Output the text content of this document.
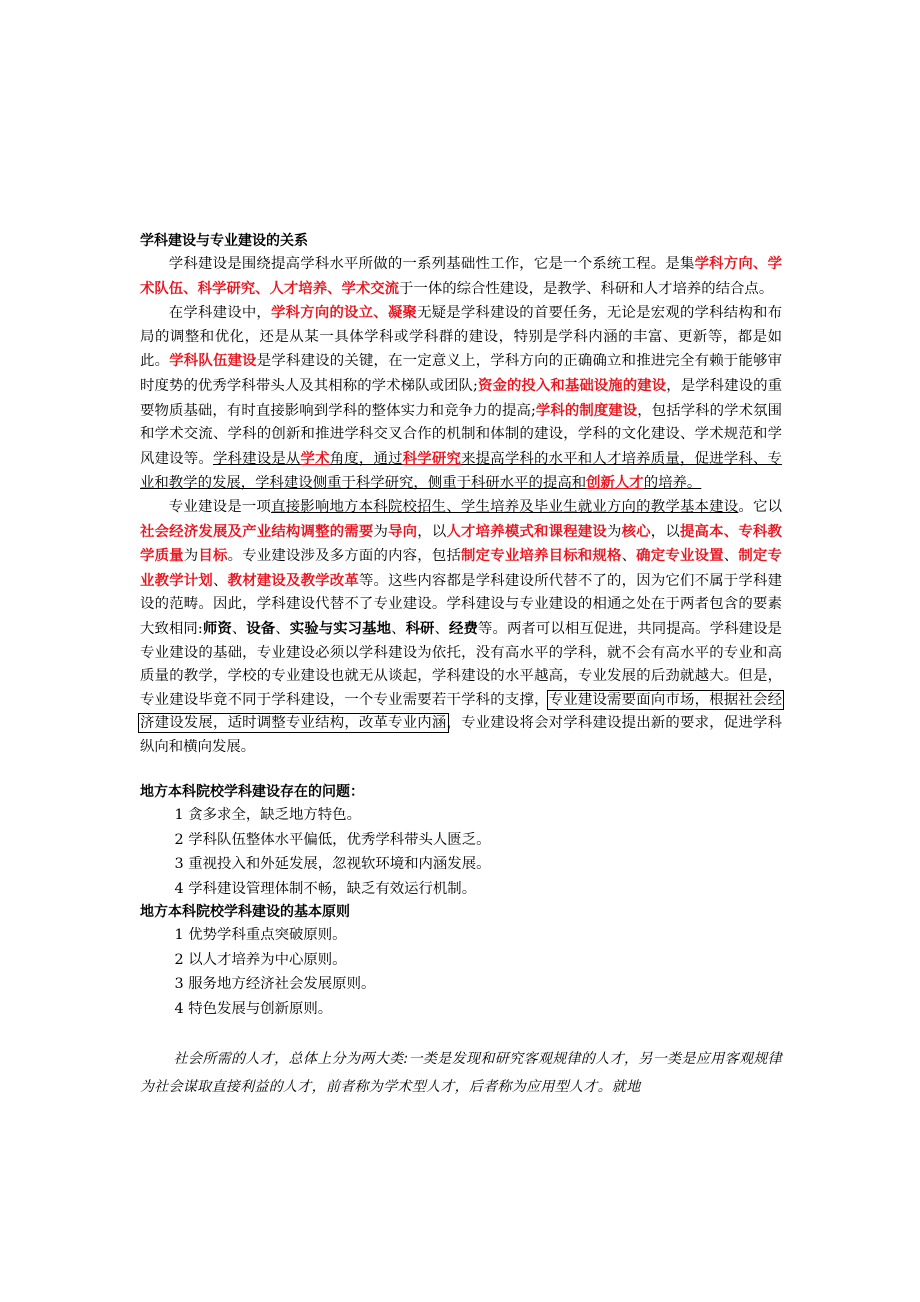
学科建设与专业建设的关系

学科建设是围绕提高学科水平所做的一系列基础性工作，它是一个系统工程。是集学科方向、学术队伍、科学研究、人才培养、学术交流于一体的综合性建设，是教学、科研和人才培养的结合点。

在学科建设中，学科方向的设立、凝聚无疑是学科建设的首要任务，无论是宏观的学科结构和布局的调整和优化，还是从某一具体学科或学科群的建设，特别是学科内涵的丰富、更新等，都是如此。学科队伍建设是学科建设的关键，在一定意义上，学科方向的正确确立和推进完全有赖于能够审时度势的优秀学科带头人及其相称的学术梯队或团队;资金的投入和基础设施的建设，是学科建设的重要物质基础，有时直接影响到学科的整体实力和竞争力的提高;学科的制度建设，包括学科的学术氛围和学术交流、学科的创新和推进学科交叉合作的机制和体制的建设，学科的文化建设、学术规范和学风建设等。学科建设是从学术角度，通过科学研究来提高学科的水平和人才培养质量，促进学科、专业和教学的发展，学科建设侧重于科学研究，侧重于科研水平的提高和创新人才的培养。

专业建设是一项直接影响地方本科院校招生、学生培养及毕业生就业方向的教学基本建设。它以社会经济发展及产业结构调整的需要为导向，以人才培养模式和课程建设为核心，以提高本、专科教学质量为目标。专业建设涉及多方面的内容，包括制定专业培养目标和规格、确定专业设置、制定专业教学计划、教材建设及教学改革等。这些内容都是学科建设所代替不了的，因为它们不属于学科建设的范畴。因此，学科建设代替不了专业建设。学科建设与专业建设的相通之处在于两者包含的要素大致相同:师资、设备、实验与实习基地、科研、经费等。两者可以相互促进，共同提高。学科建设是专业建设的基础，专业建设必须以学科建设为依托，没有高水平的学科，就不会有高水平的专业和高质量的教学，学校的专业建设也就无从谈起，学科建设的水平越高，专业发展的后劲就越大。但是，专业建设毕竟不同于学科建设，一个专业需要若干学科的支撑，专业建设需要面向市场，根据社会经济建设发展，适时调整专业结构，改革专业内涵，专业建设将会对学科建设提出新的要求，促进学科纵向和横向发展。

地方本科院校学科建设存在的问题：

1 贪多求全，缺乏地方特色。
2 学科队伍整体水平偏低，优秀学科带头人匮乏。
3 重视投入和外延发展，忽视软环境和内涵发展。
4 学科建设管理体制不畅，缺乏有效运行机制。

地方本科院校学科建设的基本原则

1 优势学科重点突破原则。
2 以人才培养为中心原则。
3 服务地方经济社会发展原则。
4 特色发展与创新原则。

社会所需的人才，总体上分为两大类:一类是发现和研究客观规律的人才，另一类是应用客观规律为社会谋取直接利益的人才，前者称为学术型人才，后者称为应用型人才。就地
